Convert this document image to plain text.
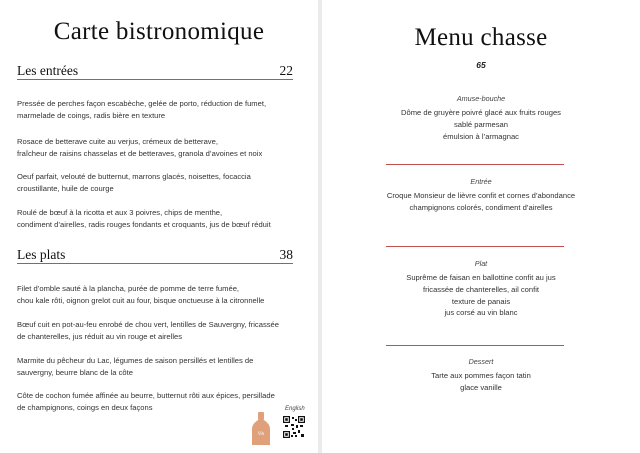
Carte bistronomique
Les entrées	22
Pressée de perches façon escabèche, gelée de porto, réduction de fumet,
marmelade de coings, radis bière en texture
Rosace de betterave cuite au verjus, crémeux de betterave,
fraîcheur de raisins chasselas et de betteraves, granola d’avoines et noix
Oeuf parfait, velouté de butternut, marrons glacés, noisettes, focaccia
croustillante, huile de courge
Roulé de bœuf à la ricotta et aux 3 poivres, chips de menthe,
condiment d’airelles, radis rouges fondants et croquants, jus de bœuf réduit
Les plats	38
Filet d’omble sauté à la plancha, purée de pomme de terre fumée,
chou kale rôti, oignon grelot cuit au four, bisque onctueuse à la citronnelle
Bœuf cuit en pot-au-feu enrobé de chou vert, lentilles de Sauvergny, fricassée
de chanterelles, jus réduit au vin rouge et airelles
Marmite du pêcheur du Lac, légumes de saison persillés et lentilles de
sauvergny, beurre blanc de la côte
Côte de cochon fumée affinée au beurre, butternut rôti aux épices, persillade
de champignons, coings en deux façons
Vin
English
Menu chasse
65
Amuse-bouche
Dôme de gruyère poivré glacé aux fruits rouges
sablé parmesan
émulsion à l’armagnac
Entrée
Croque Monsieur de lièvre confit et cornes d’abondance
champignons colorés, condiment d’airelles
Plat
Suprême de faisan en ballottine confit au jus
fricassée de chanterelles, ail confit
texture de panais
jus corsé au vin blanc
Dessert
Tarte aux pommes façon tatin
glace vanille
